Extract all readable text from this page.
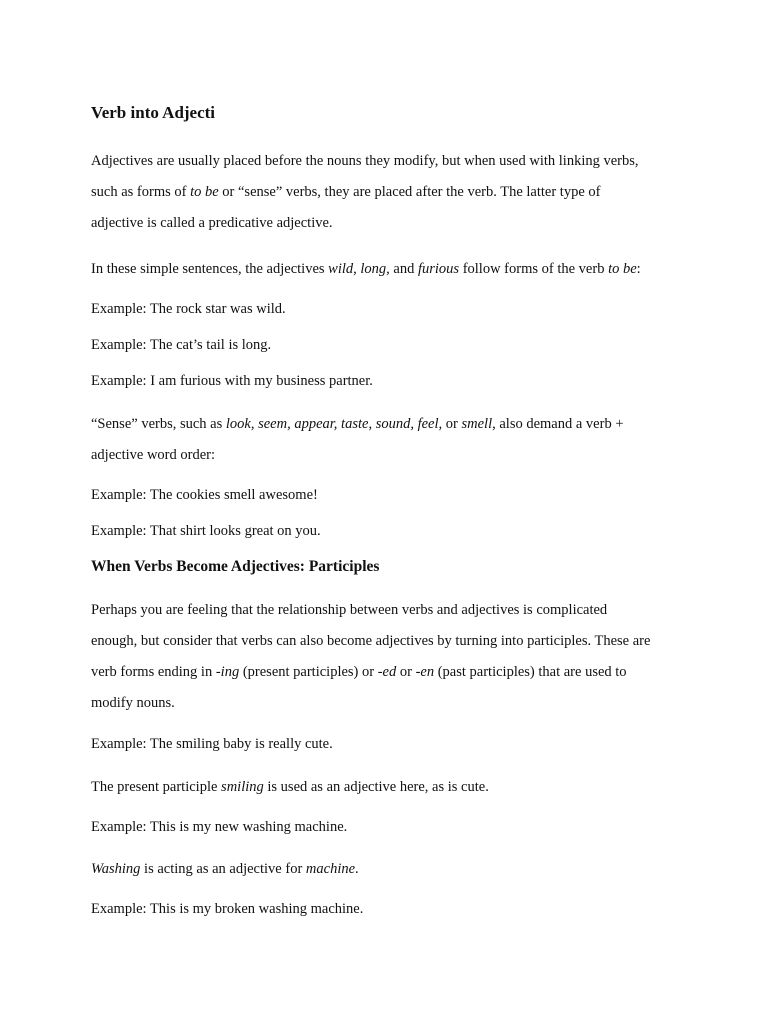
Verb into Adjecti
Adjectives are usually placed before the nouns they modify, but when used with linking verbs,
such as forms of to be or “sense” verbs, they are placed after the verb. The latter type of
adjective is called a predicative adjective.
In these simple sentences, the adjectives wild, long, and furious follow forms of the verb to be:
Example: The rock star was wild.
Example: The cat’s tail is long.
Example: I am furious with my business partner.
“Sense” verbs, such as look, seem, appear, taste, sound, feel, or smell, also demand a verb +
adjective word order:
Example: The cookies smell awesome!
Example: That shirt looks great on you.
When Verbs Become Adjectives: Participles
Perhaps you are feeling that the relationship between verbs and adjectives is complicated
enough, but consider that verbs can also become adjectives by turning into participles. These are
verb forms ending in -ing (present participles) or -ed or -en (past participles) that are used to
modify nouns.
Example: The smiling baby is really cute.
The present participle smiling is used as an adjective here, as is cute.
Example: This is my new washing machine.
Washing is acting as an adjective for machine.
Example: This is my broken washing machine.
